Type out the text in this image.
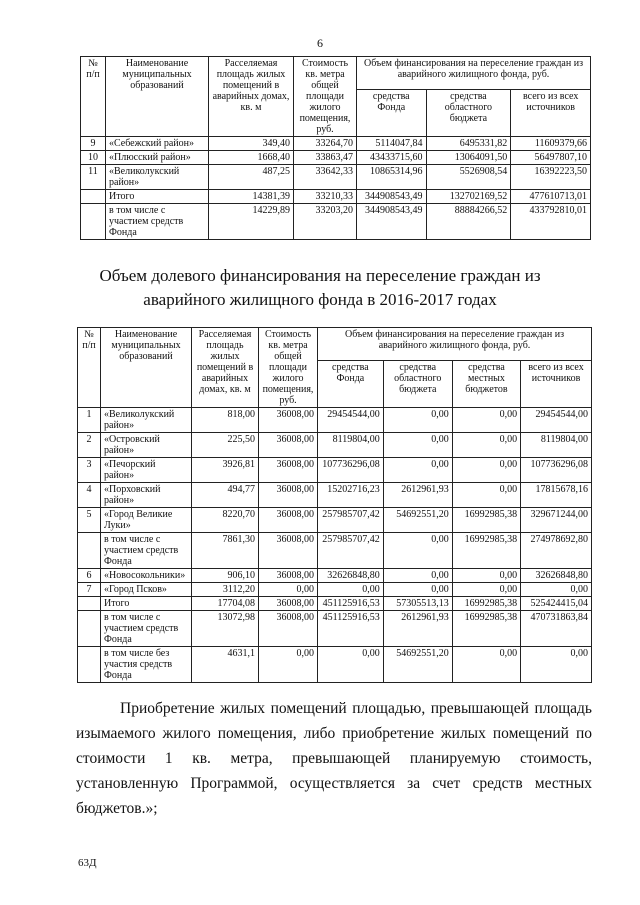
6
№ п/п	Наименование муниципальных образований	Расселяемая площадь жилых помещений в аварийных домах, кв. м	Стоимость кв. метра общей площади жилого помещения, руб.	Объем финансирования на переселение граждан из аварийного жилищного фонда, руб.		
				средства Фонда	средства областного бюджета	всего из всех источников
9	«Себежский район»	349,40	33264,70	5114047,84	6495331,82	11609379,66
10	«Плюсский район»	1668,40	33863,47	43433715,60	13064091,50	56497807,10
11	«Великолукский район»	487,25	33642,33	10865314,96	5526908,54	16392223,50
	Итого	14381,39	33210,33	344908543,49	132702169,52	477610713,01
	в том числе с участием средств Фонда	14229,89	33203,20	344908543,49	88884266,52	433792810,01
Объем долевого финансирования на переселение граждан из аварийного жилищного фонда в 2016-2017 годах
№ п/п	Наименование муниципальных образований	Расселяемая площадь жилых помещений в аварийных домах, кв. м	Стоимость кв. метра общей площади жилого помещения, руб.	Объем финансирования на переселение граждан из аварийного жилищного фонда, руб.			
				средства Фонда	средства областного бюджета	средства местных бюджетов	всего из всех источников
1	«Великолукский район»	818,00	36008,00	29454544,00	0,00	0,00	29454544,00
2	«Островский район»	225,50	36008,00	8119804,00	0,00	0,00	8119804,00
3	«Печорский район»	3926,81	36008,00	107736296,08	0,00	0,00	107736296,08
4	«Порховский район»	494,77	36008,00	15202716,23	2612961,93	0,00	17815678,16
5	«Город Великие Луки»	8220,70	36008,00	257985707,42	54692551,20	16992985,38	329671244,00
	в том числе с участием средств Фонда	7861,30	36008,00	257985707,42	0,00	16992985,38	274978692,80
6	«Новосокольники»	906,10	36008,00	32626848,80	0,00	0,00	32626848,80
7	«Город Псков»	3112,20	0,00	0,00	0,00	0,00	0,00
	Итого	17704,08	36008,00	451125916,53	57305513,13	16992985,38	525424415,04
	в том числе с участием средств Фонда	13072,98	36008,00	451125916,53	2612961,93	16992985,38	470731863,84
	в том числе без участия средств Фонда	4631,1	0,00	0,00	54692551,20	0,00	0,00
Приобретение жилых помещений площадью, превышающей площадь изымаемого жилого помещения, либо приобретение жилых помещений по стоимости 1 кв. метра, превышающей планируемую стоимость, установленную Программой, осуществляется за счет средств местных бюджетов.»;
63Д
